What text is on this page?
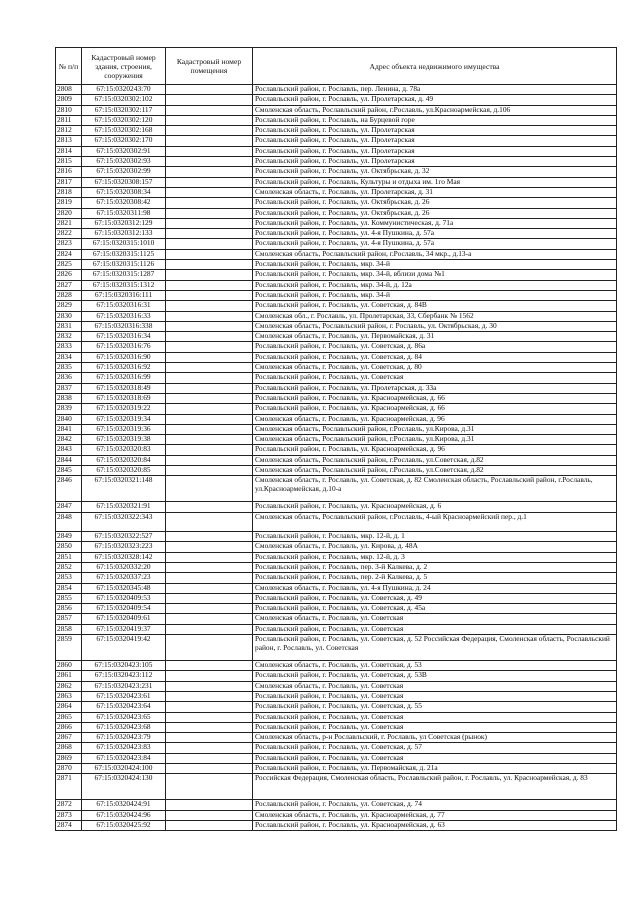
№ п/п	Кадастровый номер здания, строения, сооружения	Кадастровый номер помещения	Адрес объекта недвижимого имущества
2808	67:15:0320243:70		Рославльский район, г. Рославль, пер. Ленина, д. 78а
2809	67:15:0320302:102		Рославльский район, г. Рославль, ул. Пролетарская, д. 49
2810	67:15:0320302:117		Смоленская область, Рославльский район, г.Рославль, ул.Красноармейская, д.106
2811	67:15:0320302:120		Рославльский район, г. Рославль, на Бурцевой горе
2812	67:15:0320302:168		Рославльский район, г. Рославль, ул. Пролетарская
2813	67:15:0320302:170		Рославльский район, г. Рославль, ул. Пролетарская
2814	67:15:0320302:91		Рославльский район, г. Рославль, ул. Пролетарская
2815	67:15:0320302:93		Рославльский район, г. Рославль, ул. Пролетарская
2816	67:15:0320302:99		Рославльский район, г. Рославль, ул. Октябрьская, д. 32
2817	67:15:0320308:157		Рославльский район, г. Рославль, Культуры и отдыха им. 1го Мая
2818	67:15:0320308:34		Смоленская область, г. Рославль, ул. Пролетарская, д. 31
2819	67:15:0320308:42		Рославльский район, г. Рославль, ул. Октябрьская, д. 26
2820	67:15:0320311:98		Рославльский район, г. Рославль, ул. Октябрьская, д. 26
2821	67:15:0320312:129		Рославльский район, г. Рославль, ул. Коммунистическая, д. 71а
2822	67:15:0320312:133		Рославльский район, г. Рославль, ул. 4-я Пушкина, д. 57а
2823	67:15:0320315:1010		Рославльский район, г. Рославль, ул. 4-я Пушкина, д. 57а
2824	67:15:0320315:1125		Смоленская область, Рославльский район, г.Рославль, 34 мкр., д.13-а
2825	67:15:0320315:1126		Рославльский район, г. Рославль, мкр. 34-й
2826	67:15:0320315:1287		Рославльский район, г. Рославль, мкр. 34-й, вблизи дома №1
2827	67:15:0320315:1312		Рославльский район, г. Рославль, мкр. 34-й, д. 12а
2828	67:15:0320316:111		Рославльский район, г. Рославль, мкр. 34-й
2829	67:15:0320316:31		Рославльский район, г. Рославль, ул. Советская, д. 84В
2830	67:15:0320316:33		Смоленская обл., г. Рославль, ул. Пролетарская, 33, Сбербанк № 1562
2831	67:15:0320316:338		Смоленская область, Рославльский район, г. Рославль, ул. Октябрьская, д. 30
2832	67:15:0320316:34		Смоленская область, г. Рославль, ул. Первомайская, д. 31
2833	67:15:0320316:76		Рославльский район, г. Рославль, ул. Советская, д. 86а
2834	67:15:0320316:90		Рославльский район, г. Рославль, ул. Советская, д. 84
2835	67:15:0320316:92		Смоленская область, г. Рославль, ул. Советская, д. 80
2836	67:15:0320316:99		Рославльский район, г. Рославль, ул. Советская
2837	67:15:0320318:49		Рославльский район, г. Рославль, ул. Пролетарская, д. 33а
2838	67:15:0320318:69		Рославльский район, г. Рославль, ул. Красноармейская, д. 66
2839	67:15:0320319:22		Рославльский район, г. Рославль, ул. Красноармейская, д. 66
2840	67:15:0320319:34		Смоленская область, г. Рославль, ул. Красноармейская, д. 96
2841	67:15:0320319:36		Смоленская область, Рославльский район, г.Рославль, ул.Кирова, д.31
2842	67:15:0320319:38		Смоленская область, Рославльский район, г.Рославль, ул.Кирова, д.31
2843	67:15:0320320:83		Рославльский район, г. Рославль, ул. Красноармейская, д. 96
2844	67:15:0320320:84		Смоленская область, Рославльский район, г.Рославль, ул.Советская, д.82
2845	67:15:0320320:85		Смоленская область, Рославльский район, г.Рославль, ул.Советская, д.82
2846	67:15:0320321:148		Смоленская область, г. Рославль, ул. Советская, д. 82 Смоленская область, Рославльский район, г.Рославль, ул.Красноармейская, д.10-а
2847	67:15:0320321:91		Рославльский район, г. Рославль, ул. Красноармейская, д. 6
2848	67:15:0320322:343		Смоленская область, Рославльский район, г.Рославль, 4-ый Красноармейский пер., д.1
2849	67:15:0320322:527		Рославльский район, г. Рославль, мкр. 12-й, д. 1
2850	67:15:0320323:223		Смоленская область, г. Рославль, ул. Кирова, д. 48А
2851	67:15:0320328:142		Рославльский район, г. Рославль, мкр. 12-й, д. 3
2852	67:15:0320332:20		Рославльский район, г. Рославль, пер. 3-й Калкева, д. 2
2853	67:15:0320337:23		Рославльский район, г. Рославль, пер. 2-й Калкева, д. 5
2854	67:15:0320345:48		Смоленская область, г. Рославль, ул. 4-я Пушкина, д. 24
2855	67:15:0320409:53		Рославльский район, г. Рославль, ул. Советская, д. 49
2856	67:15:0320409:54		Рославльский район, г. Рославль, ул. Советская, д. 45а
2857	67:15:0320409:61		Смоленская область, г. Рославль, ул. Советская
2858	67:15:0320419:37		Рославльский район, г. Рославль, ул. Советская
2859	67:15:0320419:42		Рославльский район, г. Рославль, ул. Советская, д. 52 Российская Федерация, Смоленская область, Рославльский район, г. Рославль, ул. Советская
2860	67:15:0320423:105		Смоленская область, г. Рославль, ул. Советская, д. 53
2861	67:15:0320423:112		Рославльский район, г. Рославль, ул. Советская, д. 53В
2862	67:15:0320423:231		Смоленская область, г. Рославль, ул. Советская
2863	67:15:0320423:61		Рославльский район, г. Рославль, ул. Советская
2864	67:15:0320423:64		Рославльский район, г. Рославль, ул. Советская, д. 55
2865	67:15:0320423:65		Рославльский район, г. Рославль, ул. Советская
2866	67:15:0320423:68		Рославльский район, г. Рославль, ул. Советская
2867	67:15:0320423:79		Смоленская область, р-н Рославльский, г. Рославль, ул Советская (рынок)
2868	67:15:0320423:83		Рославльский район, г. Рославль, ул. Советская, д. 57
2869	67:15:0320423:84		Рославльский район, г. Рославль, ул. Советская
2870	67:15:0320424:100		Рославльский район, г. Рославль, ул. Первомайская, д. 21а
2871	67:15:0320424:130		Российская Федерация, Смоленская область, Рославльский район, г. Рославль, ул. Красноармейская, д. 83
2872	67:15:0320424:91		Рославльский район, г. Рославль, ул. Советская, д. 74
2873	67:15:0320424:96		Смоленская область, г. Рославль, ул. Красноармейская, д. 77
2874	67:15:0320425:92		Рославльский район, г. Рославль, ул. Красноармейская, д. 63
